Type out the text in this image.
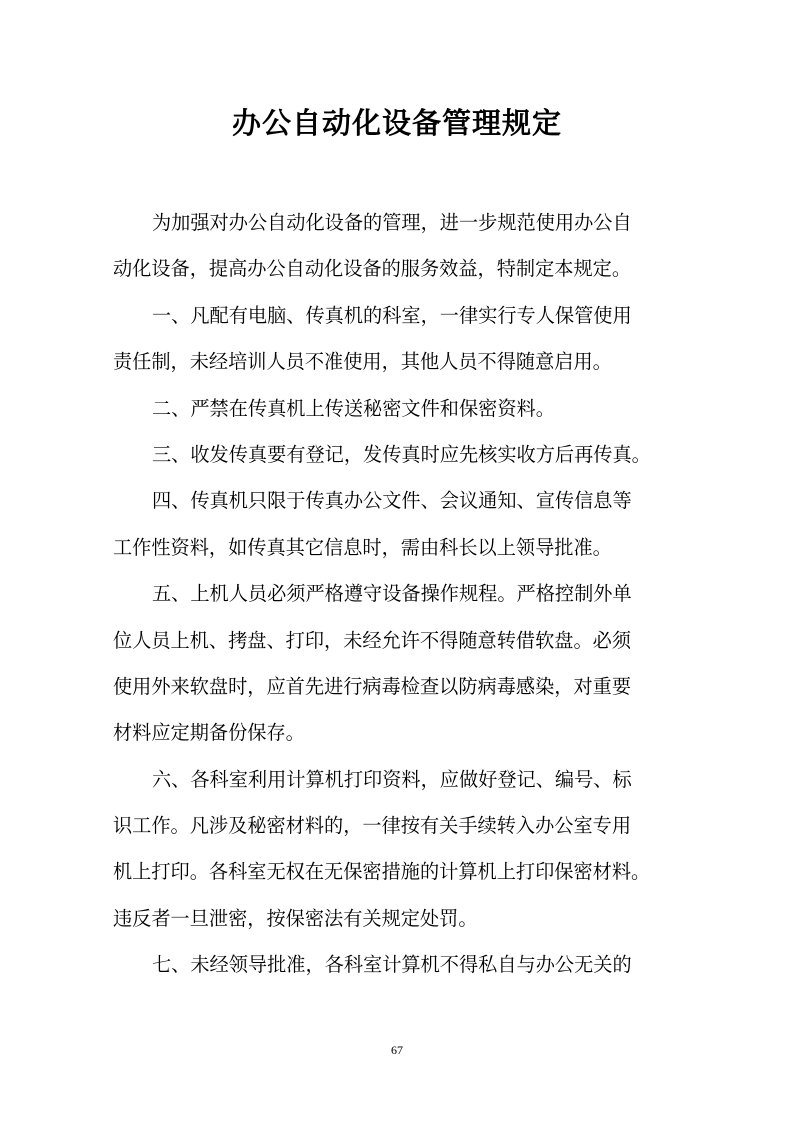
办公自动化设备管理规定
为加强对办公自动化设备的管理，进一步规范使用办公自
动化设备，提高办公自动化设备的服务效益，特制定本规定。
一、凡配有电脑、传真机的科室，一律实行专人保管使用
责任制，未经培训人员不准使用，其他人员不得随意启用。
二、严禁在传真机上传送秘密文件和保密资料。
三、收发传真要有登记，发传真时应先核实收方后再传真。
四、传真机只限于传真办公文件、会议通知、宣传信息等
工作性资料，如传真其它信息时，需由科长以上领导批准。
五、上机人员必须严格遵守设备操作规程。严格控制外单
位人员上机、拷盘、打印，未经允许不得随意转借软盘。必须
使用外来软盘时，应首先进行病毒检查以防病毒感染，对重要
材料应定期备份保存。
六、各科室利用计算机打印资料，应做好登记、编号、标
识工作。凡涉及秘密材料的，一律按有关手续转入办公室专用
机上打印。各科室无权在无保密措施的计算机上打印保密材料。
违反者一旦泄密，按保密法有关规定处罚。
七、未经领导批准，各科室计算机不得私自与办公无关的
67
